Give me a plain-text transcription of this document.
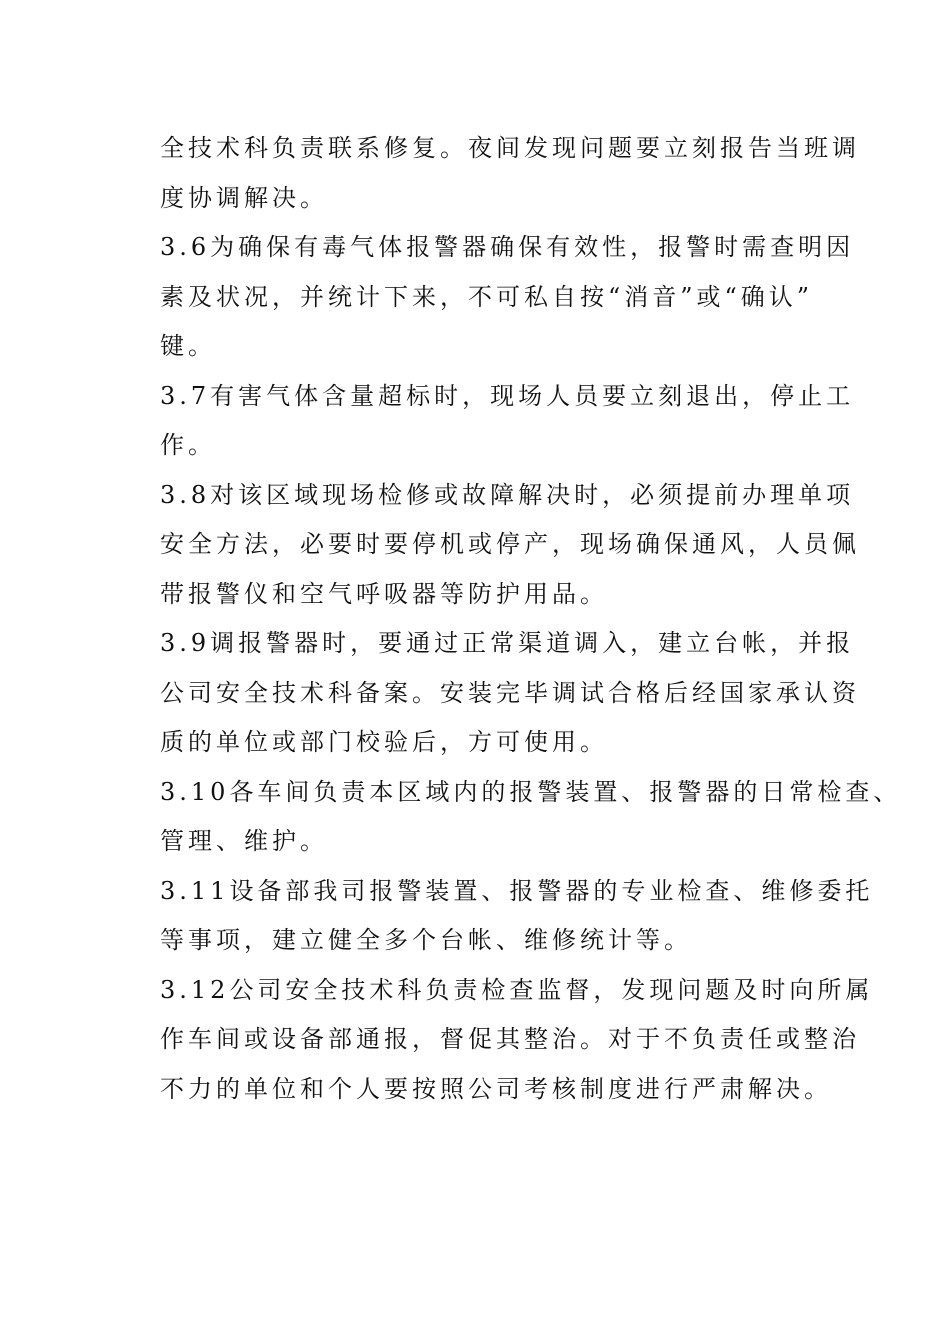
全技术科负责联系修复。夜间发现问题要立刻报告当班调
度协调解决。
3.6为确保有毒气体报警器确保有效性，报警时需查明因
素及状况，并统计下来，不可私自按“消音”或“确认”
键。
3.7有害气体含量超标时，现场人员要立刻退出，停止工
作。
3.8对该区域现场检修或故障解决时，必须提前办理单项
安全方法，必要时要停机或停产，现场确保通风，人员佩
带报警仪和空气呼吸器等防护用品。
3.9调报警器时，要通过正常渠道调入，建立台帐，并报
公司安全技术科备案。安装完毕调试合格后经国家承认资
质的单位或部门校验后，方可使用。
3.10各车间负责本区域内的报警装置、报警器的日常检查、
管理、维护。
3.11设备部我司报警装置、报警器的专业检查、维修委托
等事项，建立健全多个台帐、维修统计等。
3.12公司安全技术科负责检查监督，发现问题及时向所属
作车间或设备部通报，督促其整治。对于不负责任或整治
不力的单位和个人要按照公司考核制度进行严肃解决。
